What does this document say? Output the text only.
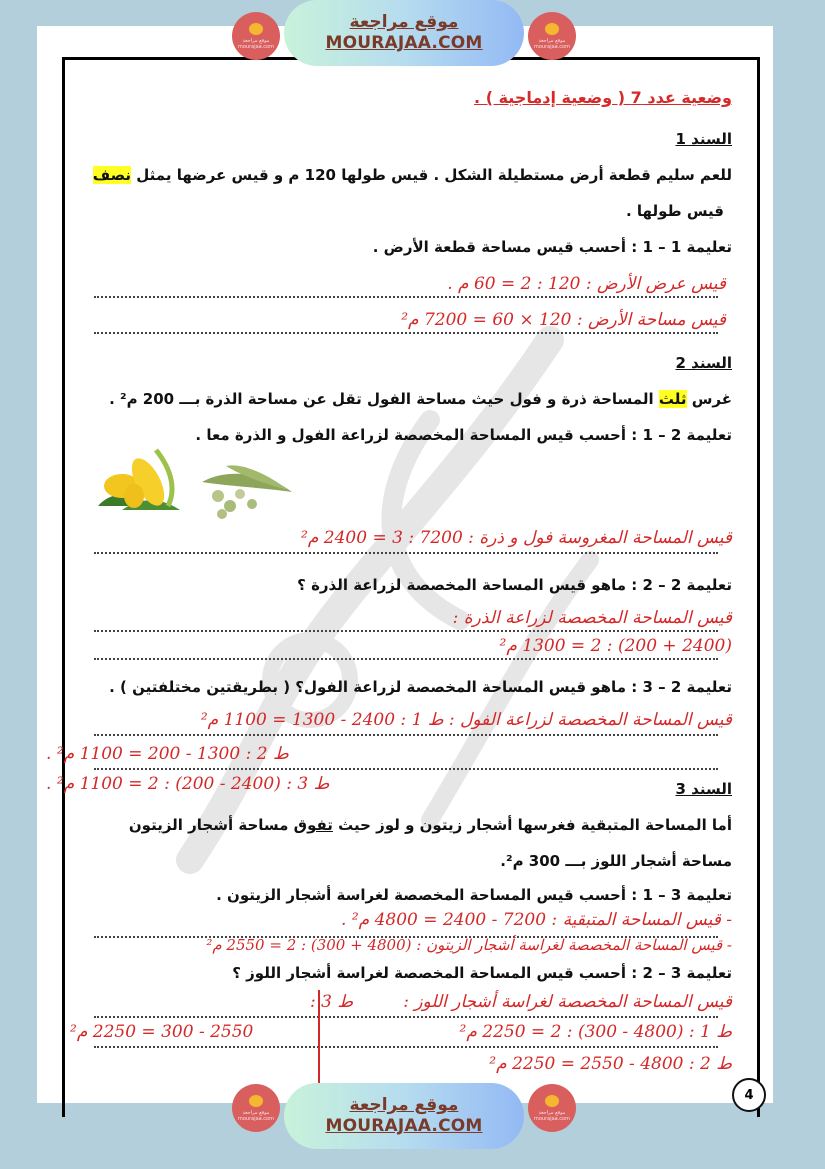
موقع مراجعة mourajaa.com
موقع مراجعة
MOURAJAA.COM	موقع مراجعة mourajaa.com
وضعية عدد 7 ( وضعية إدماجية ) .
السند 1
للعم سليم قطعة أرض مستطيلة الشكل . قيس طولها 120 م و قيس عرضها يمثل نصف
قيس طولها .
تعليمة 1 – 1 : أحسب قيس مساحة قطعة الأرض .
قيس عرض الأرض : 120 : 2 = 60 م .
قيس مساحة الأرض : 120 × 60 = 7200 م²
السند 2
غرس ثلث المساحة ذرة و فول حيث مساحة الفول تقل عن مساحة الذرة بـــ 200 م² .
تعليمة 2 – 1 : أحسب قيس المساحة المخصصة لزراعة الفول و الذرة معا .
قيس المساحة المغروسة فول و ذرة : 7200 : 3 = 2400 م²
تعليمة 2 – 2 : ماهو قيس المساحة المخصصة لزراعة الذرة ؟
قيس المساحة المخصصة لزراعة الذرة :
(2400 + 200) : 2 = 1300 م²
تعليمة 2 – 3 : ماهو قيس المساحة المخصصة لزراعة الفول؟ ( بطريقتين مختلفتين ) .
قيس المساحة المخصصة لزراعة الفول : ط 1 : 2400 - 1300 = 1100 م²
ط 2 : 1300 - 200 = 1100 م² .
ط 3 : (2400 - 200) : 2 = 1100 م² .	السند 3
أما المساحة المتبقية فغرسها أشجار زيتون و لوز حيث تفوق مساحة أشجار الزيتون
مساحة أشجار اللوز بـــ 300 م².
تعليمة 3 – 1 : أحسب قيس المساحة المخصصة لغراسة أشجار الزيتون .
- قيس المساحة المتبقية : 7200 - 2400 = 4800 م² .
- قيس المساحة المخصصة لغراسة أشجار الزيتون : (4800 + 300) : 2 = 2550 م²
تعليمة 3 – 2 : أحسب قيس المساحة المخصصة لغراسة أشجار اللوز ؟
قيس المساحة المخصصة لغراسة أشجار اللوز :
ط 3 :
ط 1 : (4800 - 300) : 2 = 2250 م²
2550 - 300 = 2250 م²
ط 2 : 4800 - 2550 = 2250 م²
4
موقع مراجعة mourajaa.com
موقع مراجعة
MOURAJAA.COM
موقع مراجعة mourajaa.com
